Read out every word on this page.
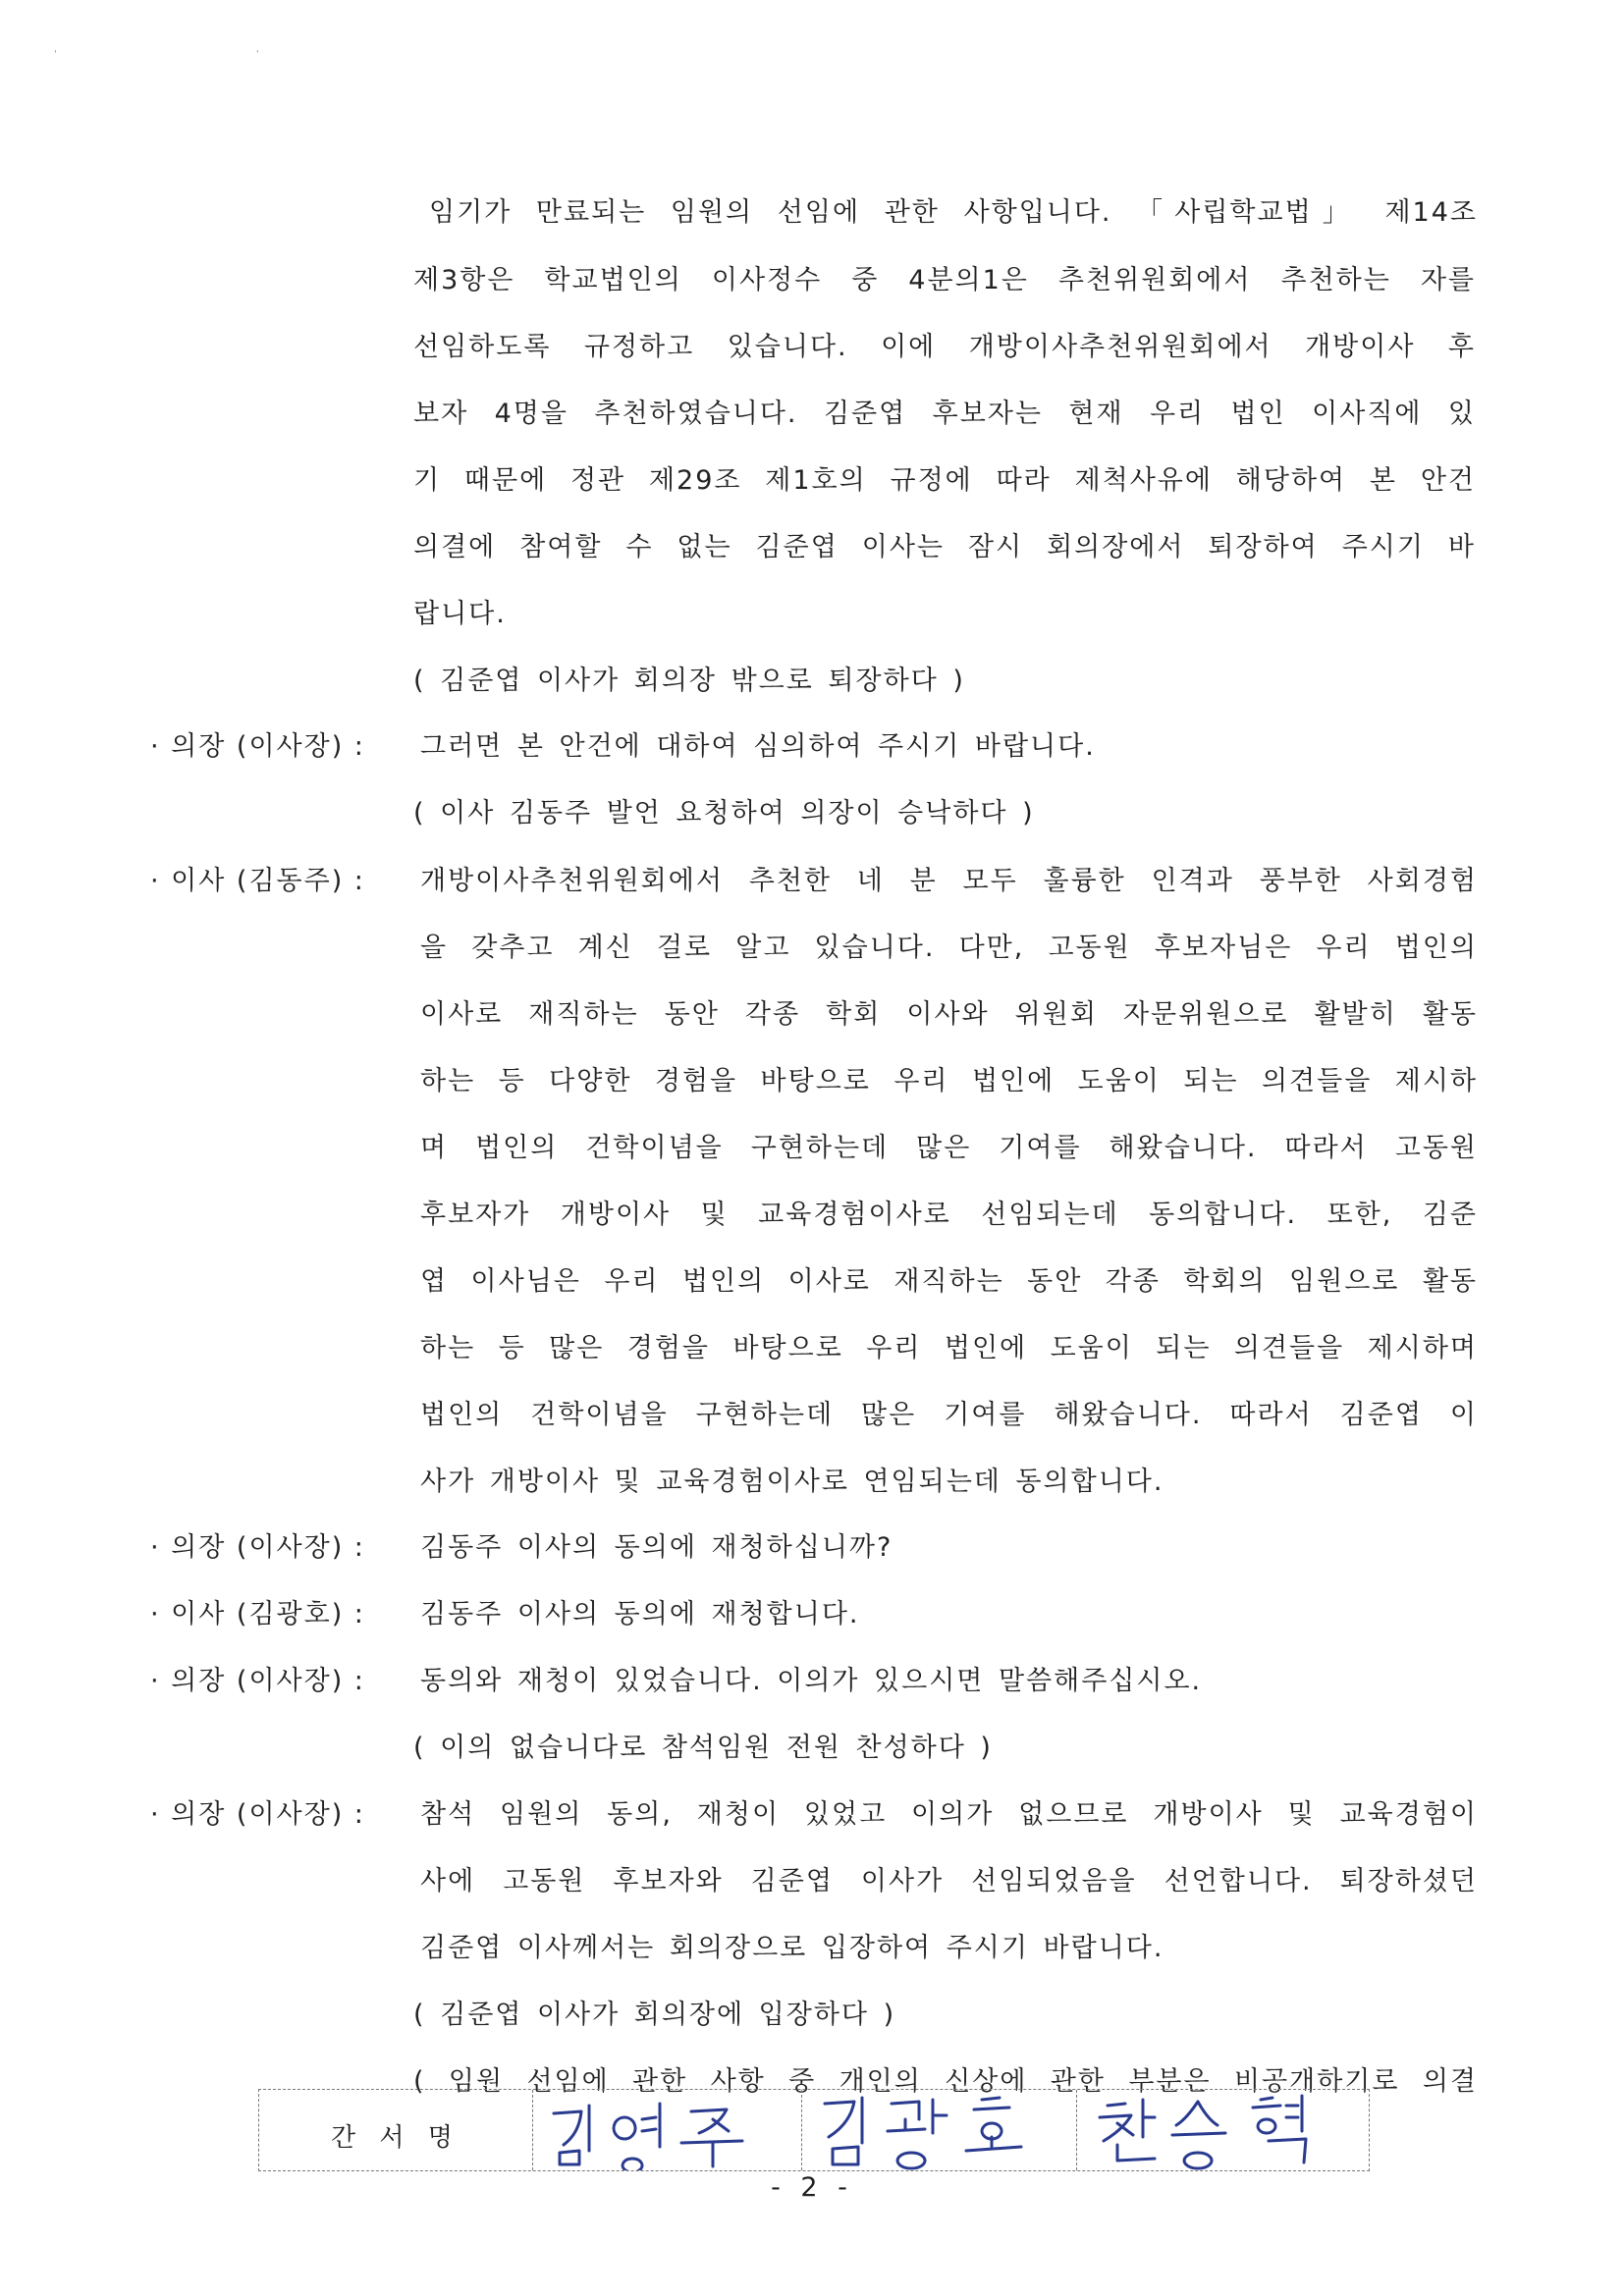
' '
임기가 만료되는 임원의 선임에 관한 사항입니다. 「사립학교법」 제14조
제3항은 학교법인의 이사정수 중 4분의1은 추천위원회에서 추천하는 자를
선임하도록 규정하고 있습니다. 이에 개방이사추천위원회에서 개방이사 후
보자 4명을 추천하였습니다. 김준엽 후보자는 현재 우리 법인 이사직에 있
기 때문에 정관 제29조 제1호의 규정에 따라 제척사유에 해당하여 본 안건
의결에 참여할 수 없는 김준엽 이사는 잠시 회의장에서 퇴장하여 주시기 바
랍니다.
( 김준엽 이사가 회의장 밖으로 퇴장하다 )
· 의장 (이사장) : 그러면 본 안건에 대하여 심의하여 주시기 바랍니다.
( 이사 김동주 발언 요청하여 의장이 승낙하다 )
· 이사 (김동주) : 개방이사추천위원회에서 추천한 네 분 모두 훌륭한 인격과 풍부한 사회경험
을 갖추고 계신 걸로 알고 있습니다. 다만, 고동원 후보자님은 우리 법인의
이사로 재직하는 동안 각종 학회 이사와 위원회 자문위원으로 활발히 활동
하는 등 다양한 경험을 바탕으로 우리 법인에 도움이 되는 의견들을 제시하
며 법인의 건학이념을 구현하는데 많은 기여를 해왔습니다. 따라서 고동원
후보자가 개방이사 및 교육경험이사로 선임되는데 동의합니다. 또한, 김준
엽 이사님은 우리 법인의 이사로 재직하는 동안 각종 학회의 임원으로 활동
하는 등 많은 경험을 바탕으로 우리 법인에 도움이 되는 의견들을 제시하며
법인의 건학이념을 구현하는데 많은 기여를 해왔습니다. 따라서 김준엽 이
사가 개방이사 및 교육경험이사로 연임되는데 동의합니다.
· 의장 (이사장) : 김동주 이사의 동의에 재청하십니까?
· 이사 (김광호) : 김동주 이사의 동의에 재청합니다.
· 의장 (이사장) : 동의와 재청이 있었습니다. 이의가 있으시면 말씀해주십시오.
( 이의 없습니다로 참석임원 전원 찬성하다 )
· 의장 (이사장) : 참석 임원의 동의, 재청이 있었고 이의가 없으므로 개방이사 및 교육경험이
사에 고동원 후보자와 김준엽 이사가 선임되었음을 선언합니다. 퇴장하셨던
김준엽 이사께서는 회의장으로 입장하여 주시기 바랍니다.
( 김준엽 이사가 회의장에 입장하다 )
( 임원 선임에 관한 사항 중 개인의 신상에 관한 부분은 비공개하기로 의결
간 서 명
- 2 -
